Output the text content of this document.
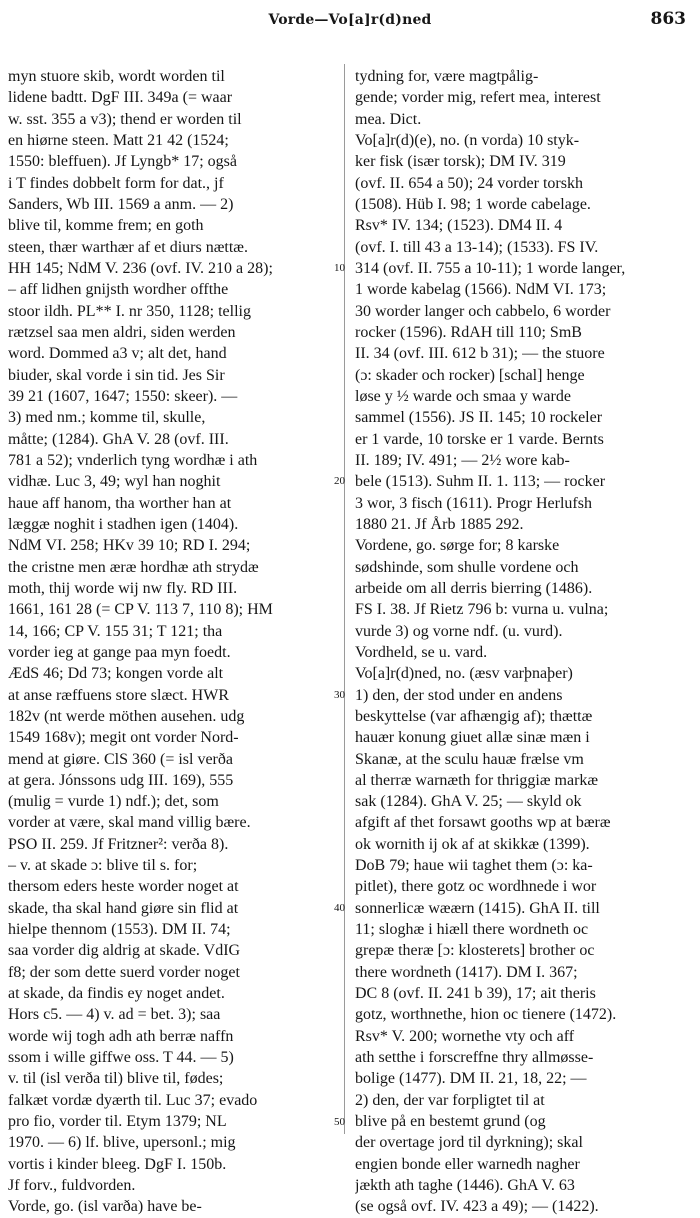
Vorde—Vo[a]r(d)ned	863
myn stuore skib, wordt worden til
lidene badtt. DgF III. 349a (= waar
w. sst. 355 a v3); thend er worden til
en hiørne steen. Matt 21 42 (1524;
1550: bleffuen). Jf Lyngb* 17; også
i T findes dobbelt form for dat., jf
Sanders, Wb III. 1569 a anm. — 2)
blive til, komme frem; en goth
steen, thær warthær af et diurs nættæ.
HH 145; NdM V. 236 (ovf. IV. 210 a 28);
– aff lidhen gnijsth wordher offthe
stoor ildh. PL** I. nr 350, 1128; tellig
rætzsel saa men aldri, siden werden
word. Dommed a3 v; alt det, hand
biuder, skal vorde i sin tid. Jes Sir
39 21 (1607, 1647; 1550: skeer). —
3) med nm.; komme til, skulle,
måtte; (1284). GhA V. 28 (ovf. III.
781 a 52); vnderlich tyng wordhæ i ath
vidhæ. Luc 3, 49; wyl han noghit
haue aff hanom, tha worther han at
læggæ noghit i stadhen igen (1404).
NdM VI. 258; HKv 39 10; RD I. 294;
the cristne men æræ hordhæ ath strydæ
moth, thij worde wij nw fly. RD III.
1661, 161 28 (= CP V. 113 7, 110 8); HM
14, 166; CP V. 155 31; T 121; tha
vorder ieg at gange paa myn foedt.
ÆdS 46; Dd 73; kongen vorde alt
at anse ræffuens store slæct. HWR
182v (nt werde möthen ausehen. udg
1549 168v); megit ont vorder Nord-
mend at giøre. ClS 360 (= isl verða
at gera. Jónssons udg III. 169), 555
(mulig = vurde 1) ndf.); det, som
vorder at være, skal mand villig bære.
PSO II. 259. Jf Fritzner²: verða 8).
– v. at skade ɔ: blive til s. for;
thersom eders heste worder noget at
skade, tha skal hand giøre sin flid at
hielpe thennom (1553). DM II. 74;
saa vorder dig aldrig at skade. VdIG
f8; der som dette suerd vorder noget
at skade, da findis ey noget andet.
Hors c5. — 4) v. ad = bet. 3); saa
worde wij togh adh ath berræ naffn
ssom i wille giffwe oss. T 44. — 5)
v. til (isl verða til) blive til, fødes;
falkæt vordæ dyærth til. Luc 37; evado
pro fio, vorder til. Etym 1379; NL
1970. — 6) lf. blive, upersonl.; mig
vortis i kinder bleeg. DgF I. 150b.
Jf forv., fuldvorden.
Vorde, go. (isl varða) have be-
10
20
30
40
50
tydning for, være magtpålig-
gende; vorder mig, refert mea, interest
mea. Dict.
Vo[a]r(d)(e), no. (n vorda) 10 styk-
ker fisk (især torsk); DM IV. 319
(ovf. II. 654 a 50); 24 vorder torskh
(1508). Hüb I. 98; 1 worde cabelage.
Rsv* IV. 134; (1523). DM4 II. 4
(ovf. I. till 43 a 13-14); (1533). FS IV.
314 (ovf. II. 755 a 10-11); 1 worde langer,
1 worde kabelag (1566). NdM VI. 173;
30 worder langer och cabbelo, 6 worder
rocker (1596). RdAH till 110; SmB
II. 34 (ovf. III. 612 b 31); — the stuore
(ɔ: skader och rocker) [schal] henge
løse y ½ warde och smaa y warde
sammel (1556). JS II. 145; 10 rockeler
er 1 varde, 10 torske er 1 varde. Bernts
II. 189; IV. 491; — 2½ wore kab-
bele (1513). Suhm II. 1. 113; — rocker
3 wor, 3 fisch (1611). Progr Herlufsh
1880 21. Jf Årb 1885 292.
Vordene, go. sørge for; 8 karske
sødshinde, som shulle vordene och
arbeide om all derris bierring (1486).
FS I. 38. Jf Rietz 796 b: vurna u. vulna;
vurde 3) og vorne ndf. (u. vurd).
Vordheld, se u. vard.
Vo[a]r(d)ned, no. (æsv varþnaþer)
1) den, der stod under en andens
beskyttelse (var afhængig af); thættæ
hauær konung giuet allæ sinæ mæn i
Skanæ, at the sculu hauæ frælse vm
al therræ warnæth for thriggiæ markæ
sak (1284). GhA V. 25; — skyld ok
afgift af thet forsawt gooths wp at bæræ
ok wornith ij ok af at skikkæ (1399).
DoB 79; haue wii taghet them (ɔ: ka-
pitlet), there gotz oc wordhnede i wor
sonnerlicæ wæærn (1415). GhA II. till
11; sloghæ i hiæll there wordneth oc
grepæ theræ [ɔ: klosterets] brother oc
there wordneth (1417). DM I. 367;
DC 8 (ovf. II. 241 b 39), 17; ait theris
gotz, worthnethe, hion oc tienere (1472).
Rsv* V. 200; wornethe vty och aff
ath setthe i forscreffne thry allmøsse-
bolige (1477). DM II. 21, 18, 22; —
2) den, der var forpligtet til at
blive på en bestemt grund (og
der overtage jord til dyrkning); skal
engien bonde eller warnedh nagher
jækth ath taghe (1446). GhA V. 63
(se også ovf. IV. 423 a 49); — (1422).
